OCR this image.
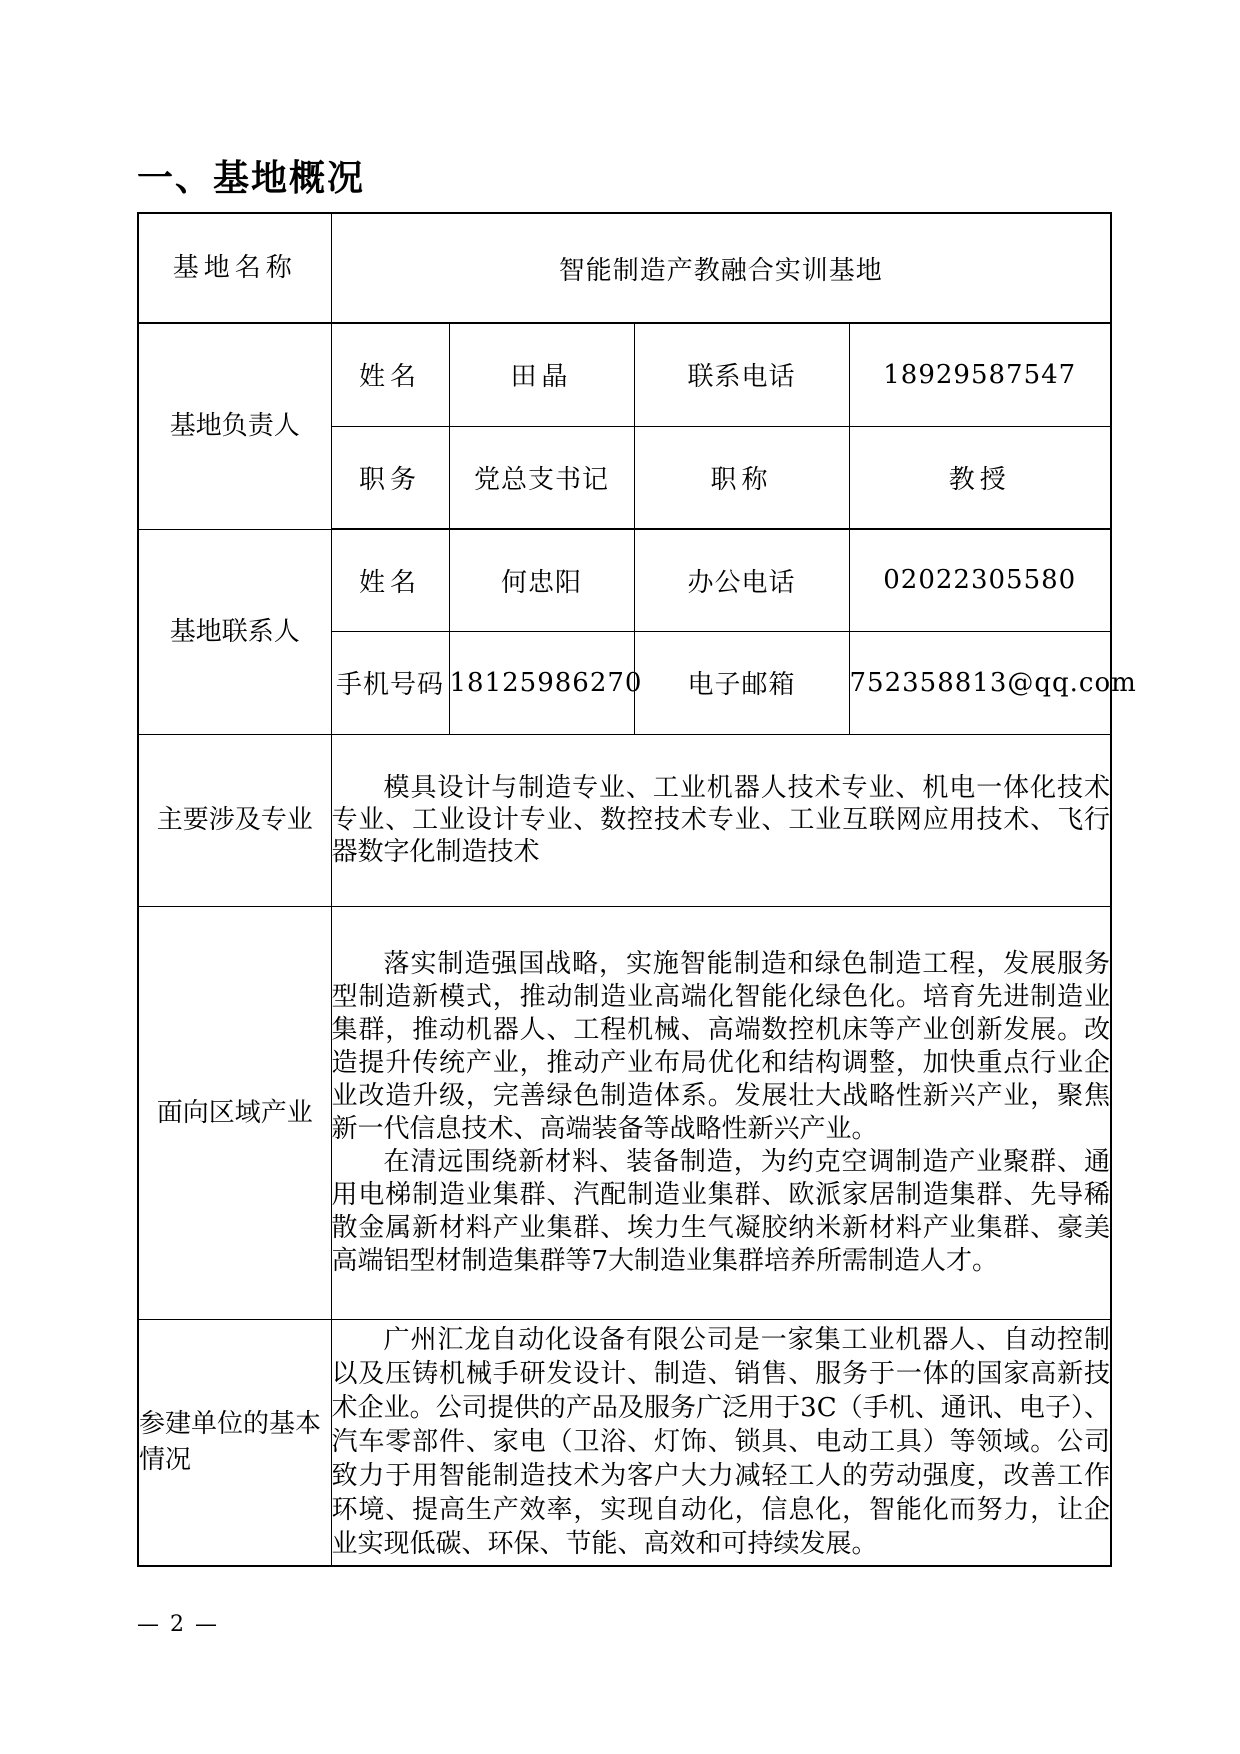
一、基地概况
基地名称	智能制造产教融合实训基地			
基地负责人	姓名	田晶	联系电话	18929587547
	职务	党总支书记	职称	教授
基地联系人	姓名	何忠阳	办公电话	02022305580
	手机号码	18125986270	电子邮箱	752358813@qq.com
主要涉及专业	模具设计与制造专业、工业机器人技术专业、机电一体化技术专业、工业设计专业、数控技术专业、工业互联网应用技术、飞行器数字化制造技术			

面向区域产业	落实制造强国战略，实施智能制造和绿色制造工程，发展服务型制造新模式，推动制造业高端化智能化绿色化。培育先进制造业集群，推动机器人、工程机械、高端数控机床等产业创新发展。改造提升传统产业，推动产业布局优化和结构调整，加快重点行业企业改造升级，完善绿色制造体系。发展壮大战略性新兴产业，聚焦新一代信息技术、高端装备等战略性新兴产业。

在清远围绕新材料、装备制造，为约克空调制造产业聚群、通用电梯制造业集群、汽配制造业集群、欧派家居制造集群、先导稀散金属新材料产业集群、埃力生气凝胶纳米新材料产业集群、豪美高端铝型材制造集群等7大制造业集群培养所需制造人才。			

参建单位的基本情况	广州汇龙自动化设备有限公司是一家集工业机器人、自动控制以及压铸机械手研发设计、制造、销售、服务于一体的国家高新技术企业。公司提供的产品及服务广泛用于3C（手机、通讯、电子）、汽车零部件、家电（卫浴、灯饰、锁具、电动工具）等领域。公司致力于用智能制造技术为客户大力减轻工人的劳动强度，改善工作环境、提高生产效率，实现自动化，信息化，智能化而努力，让企业实现低碳、环保、节能、高效和可持续发展。			

— 2 —
